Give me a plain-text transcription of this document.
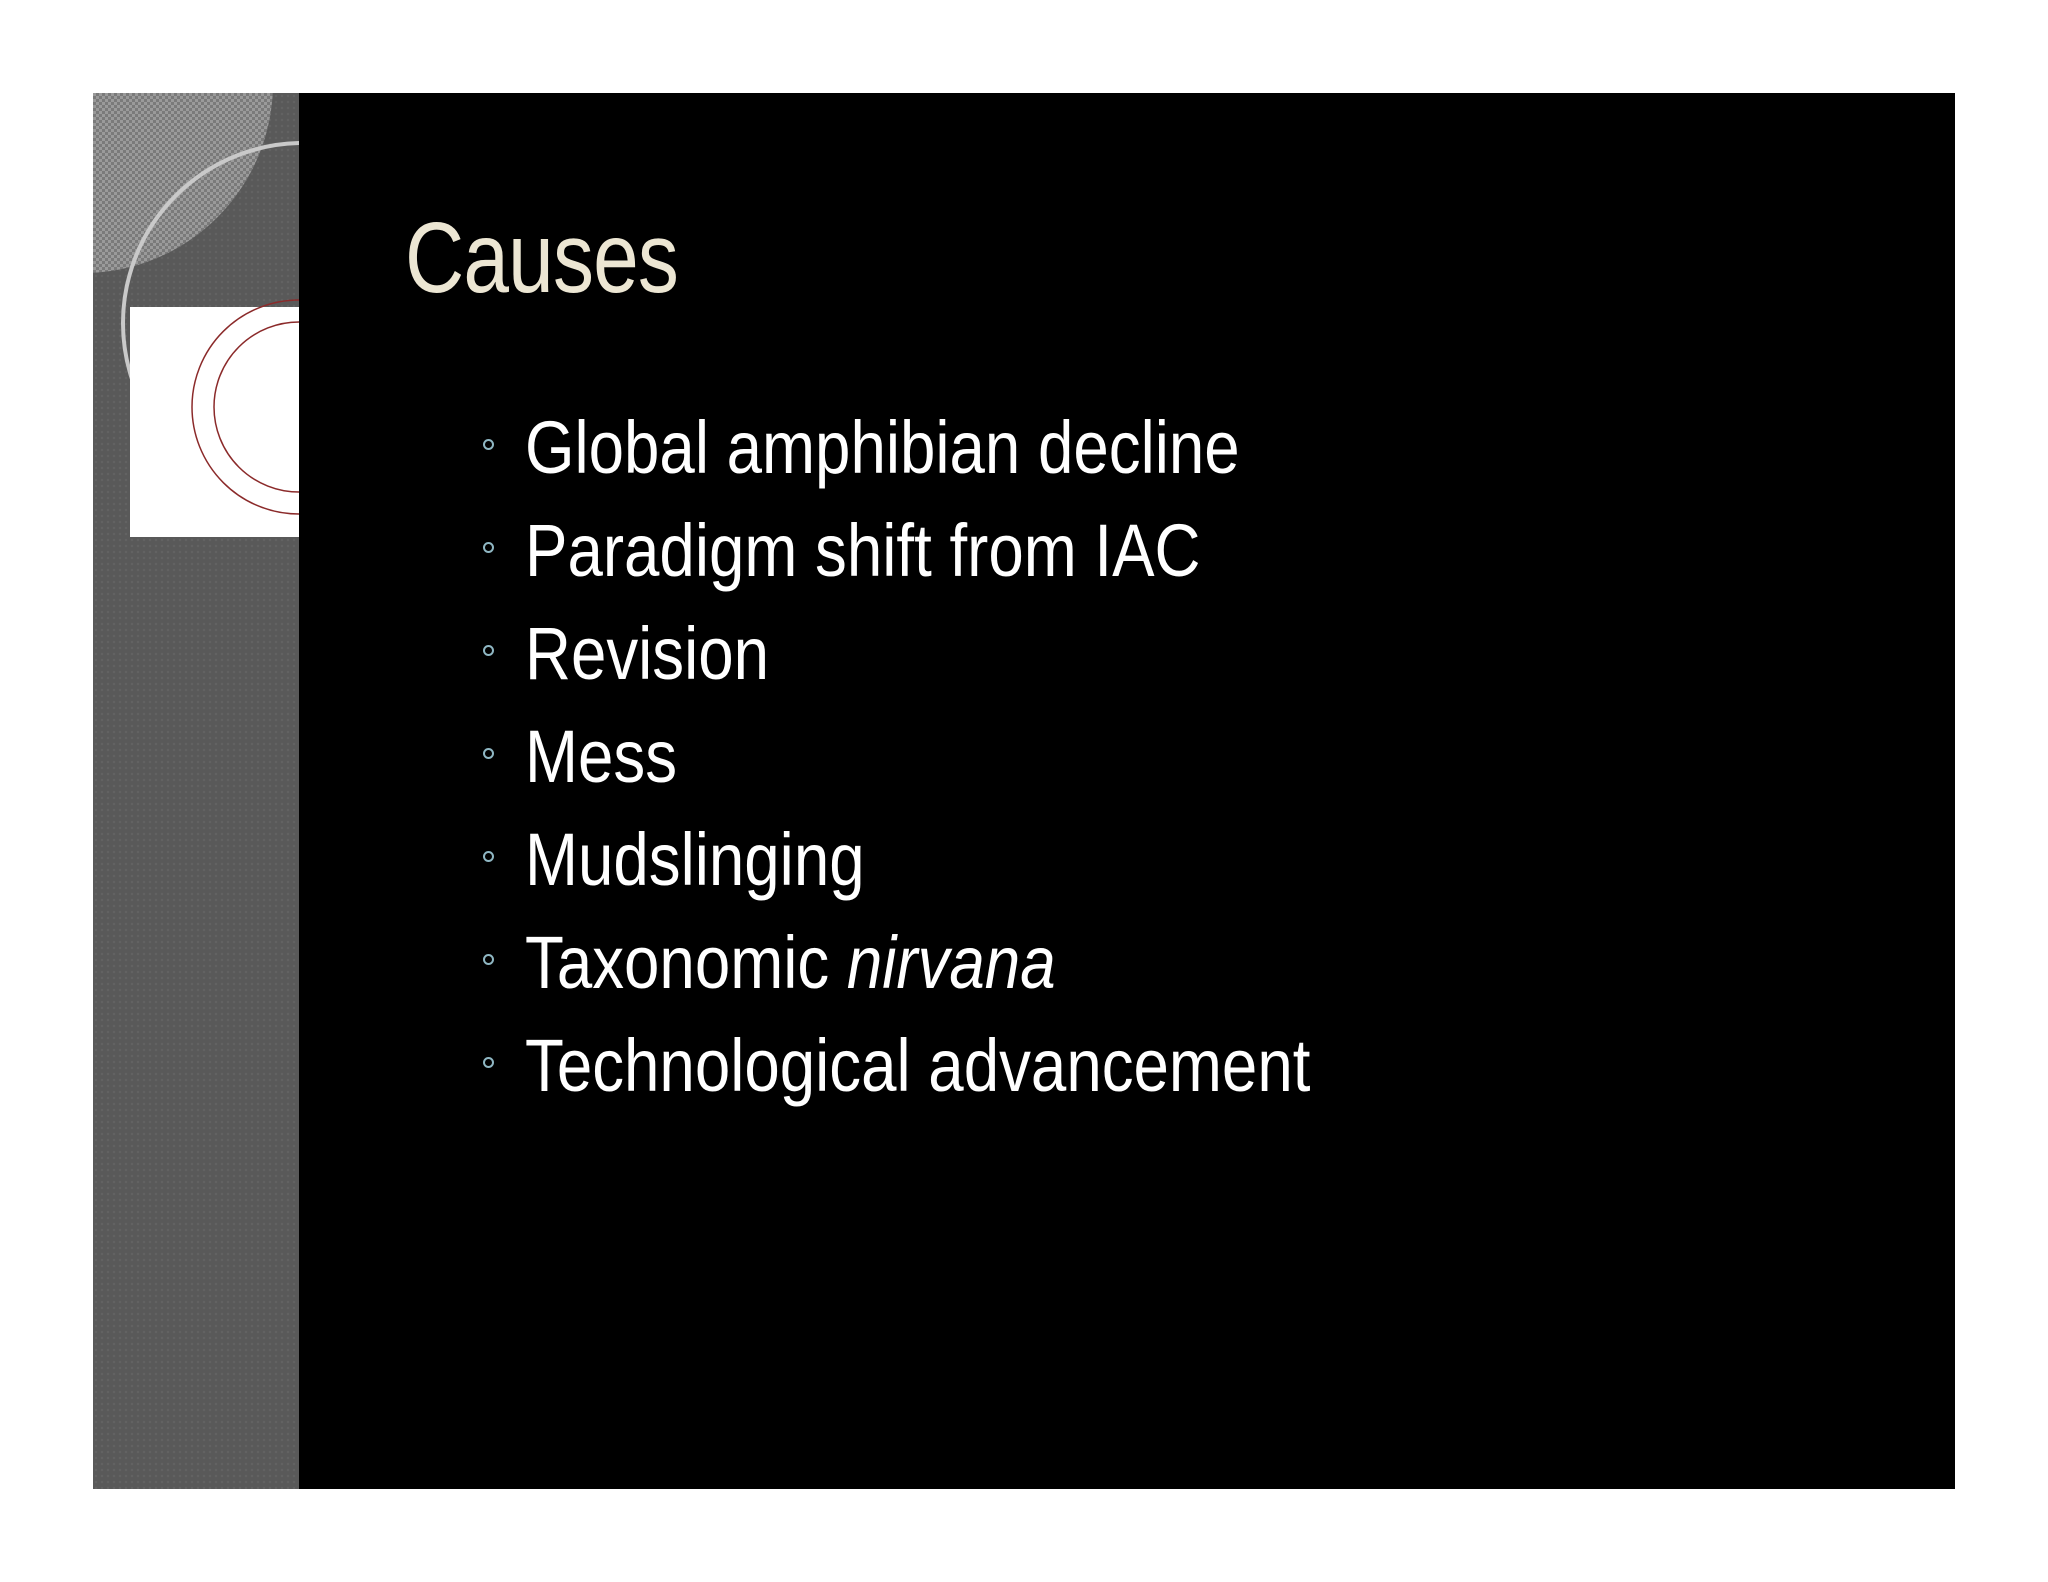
Causes
Global amphibian decline
Paradigm shift from IAC
Revision
Mess
Mudslinging
Taxonomic nirvana
Technological advancement
